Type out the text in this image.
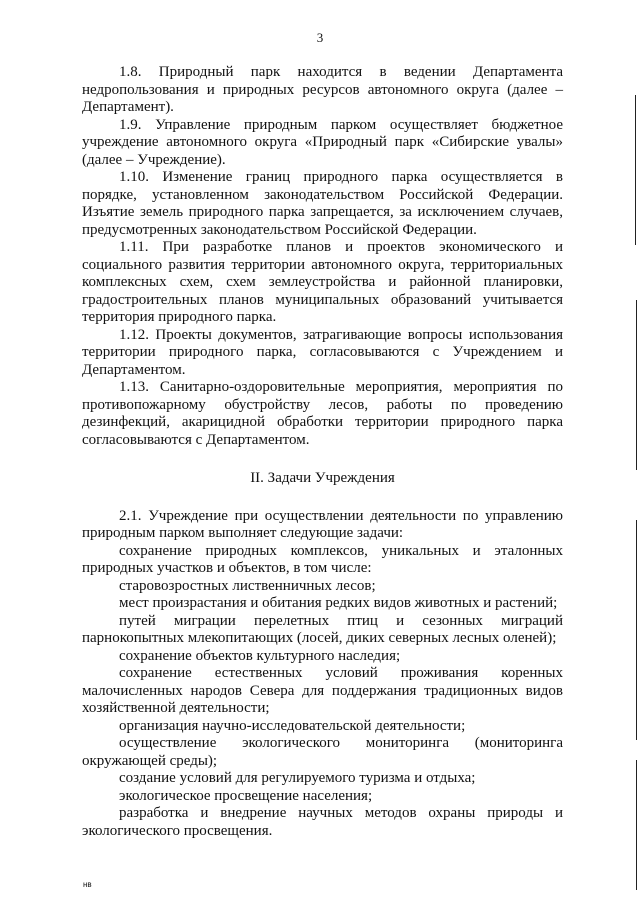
3

1.8. Природный парк находится в ведении Департамента недропользования и природных ресурсов автономного округа (далее – Департамент).

1.9. Управление природным парком осуществляет бюджетное учреждение автономного округа «Природный парк «Сибирские увалы» (далее – Учреждение).

1.10. Изменение границ природного парка осуществляется в порядке, установленном законодательством Российской Федерации. Изъятие земель природного парка запрещается, за исключением случаев, предусмотренных законодательством Российской Федерации.

1.11. При разработке планов и проектов экономического и социального развития территории автономного округа, территориальных комплексных схем, схем землеустройства и районной планировки, градостроительных планов муниципальных образований учитывается территория природного парка.

1.12. Проекты документов, затрагивающие вопросы использования территории природного парка, согласовываются с Учреждением и Департаментом.

1.13. Санитарно-оздоровительные мероприятия, мероприятия по противопожарному обустройству лесов, работы по проведению дезинфекций, акарицидной обработки территории природного парка согласовываются с Департаментом.

II. Задачи Учреждения

2.1. Учреждение при осуществлении деятельности по управлению природным парком выполняет следующие задачи:

сохранение природных комплексов, уникальных и эталонных природных участков и объектов, в том числе:

старовозростных лиственничных лесов;

мест произрастания и обитания редких видов животных и растений;

путей миграции перелетных птиц и сезонных миграций парнокопытных млекопитающих (лосей, диких северных лесных оленей);

сохранение объектов культурного наследия;

сохранение естественных условий проживания коренных малочисленных народов Севера для поддержания традиционных видов хозяйственной деятельности;

организация научно-исследовательской деятельности;

осуществление экологического мониторинга (мониторинга окружающей среды);

создание условий для регулируемого туризма и отдыха;

экологическое просвещение населения;

разработка и внедрение научных методов охраны природы и экологического просвещения.

нв
